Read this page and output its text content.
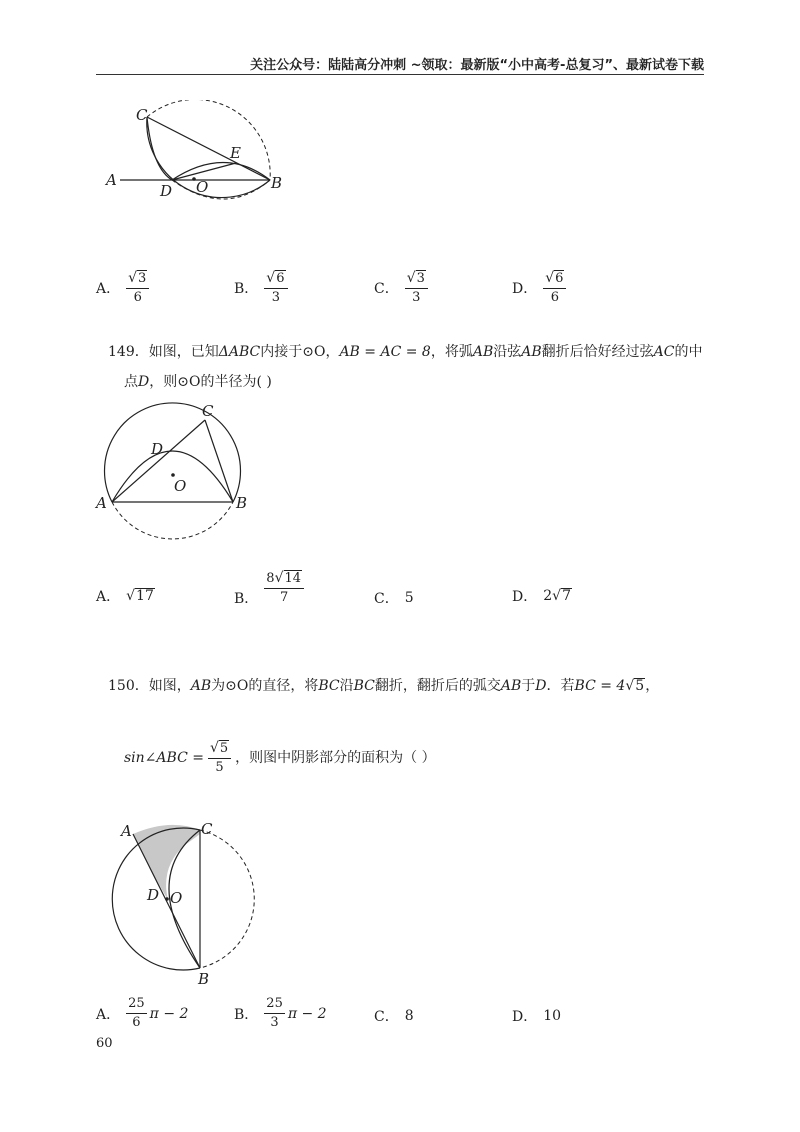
关注公众号：陆陆高分冲刺 ~领取：最新版“小中高考-总复习”、最新试卷下载
C
E
A
D O	B
A． $\frac{√ 3}{6}$	B． $\frac{√ 6}{3}$	C． $\frac{√ 3}{3}$	D． $\frac{√ 6}{6}$
149．如图，已知ΔABC内接于⊙O，AB = AC = 8，将弧AB沿弦AB翻折后恰好经过弦AC的中
点D，则⊙O的半径为( )
C
D
O
A	B
A． √ 17	B． $\frac{8 √ 14}{7}$	C． 5	D． 2 √ 7
150．如图，AB为⊙O的直径，将BC沿BC翻折，翻折后的弧交AB于D．若BC = 4 √ 5 ，
sin∠ABC = $\frac{√ 5}{5}$ ，则图中阴影部分的面积为（ ）
A	C
D O
B
A． $\frac{25}{6}$ π − 2	B． $\frac{25}{3}$ π − 2	C． 8	D． 10
60
